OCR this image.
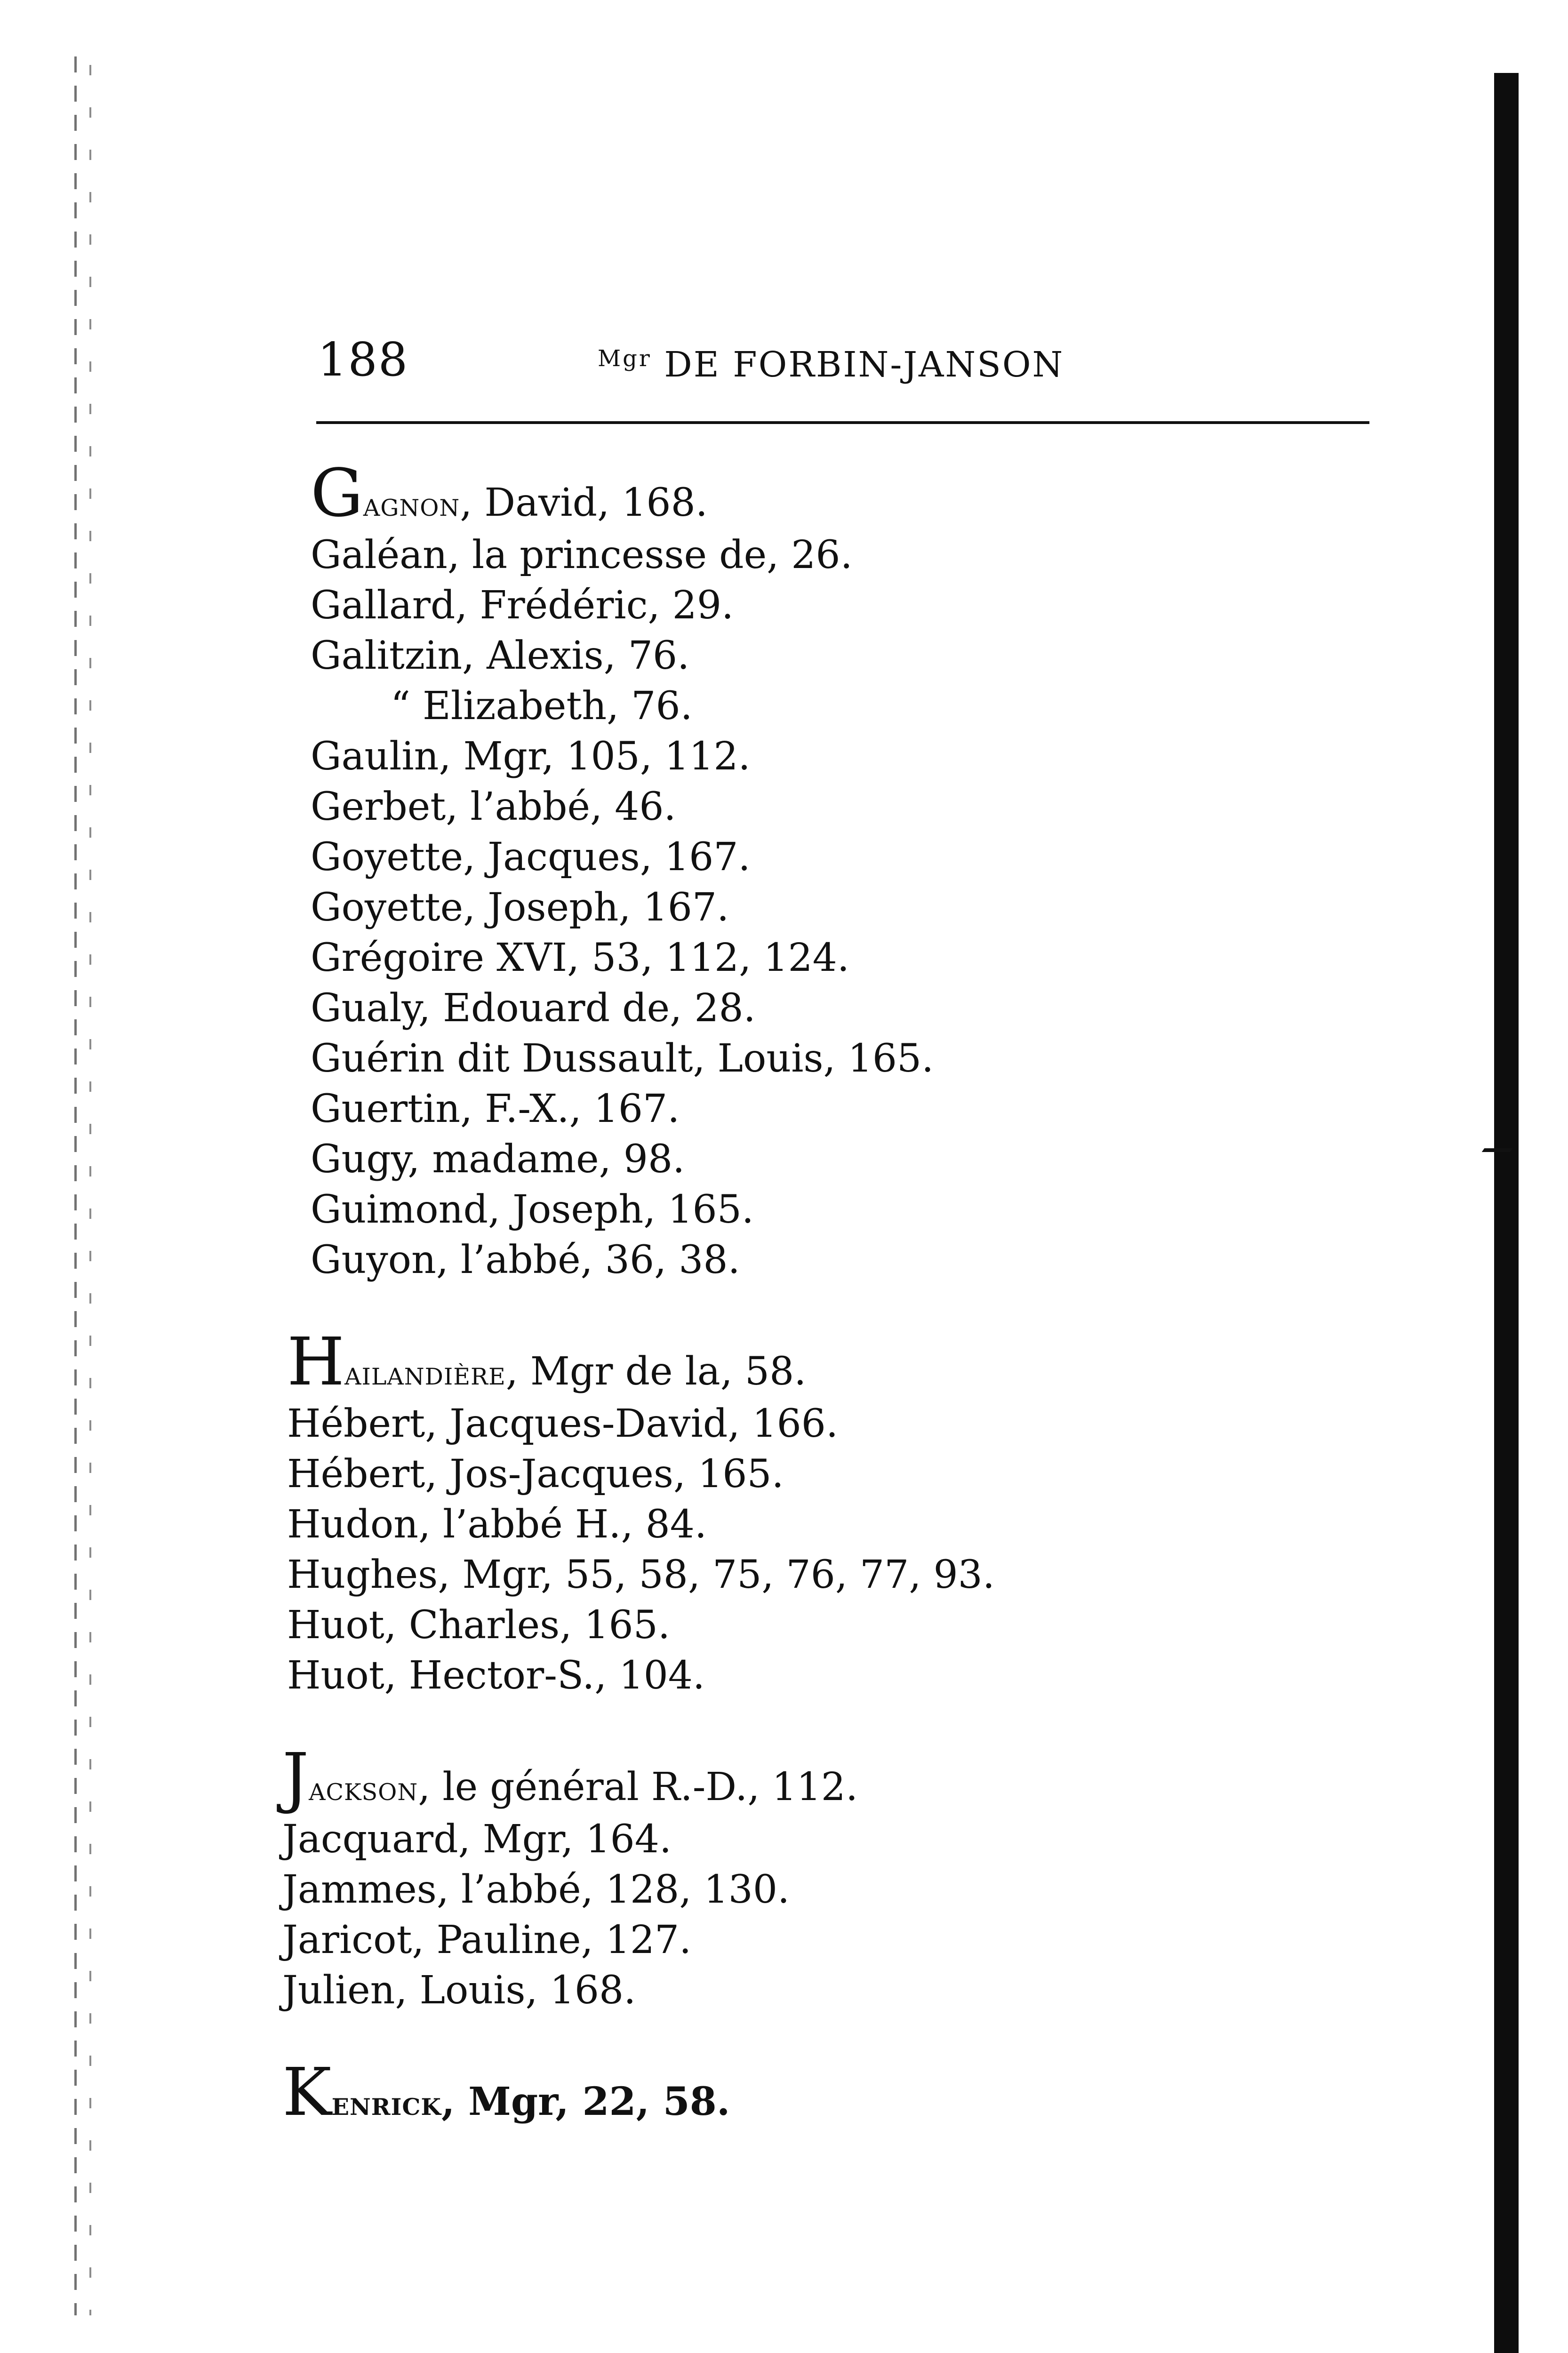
188	$^{Mgr}$ DE FORBIN-JANSON
Gagnon, David, 168.
Galéan, la princesse de, 26.
Gallard, Frédéric, 29.
Galitzin, Alexis, 76.
“ Elizabeth, 76.
Gaulin, Mgr, 105, 112.
Gerbet, l’abbé, 46.
Goyette, Jacques, 167.
Goyette, Joseph, 167.
Grégoire XVI, 53, 112, 124.
Gualy, Edouard de, 28.
Guérin dit Dussault, Louis, 165.
Guertin, F.-X., 167.
Gugy, madame, 98.
Guimond, Joseph, 165.
Guyon, l’abbé, 36, 38.
Hailandière, Mgr de la, 58.
Hébert, Jacques-David, 166.
Hébert, Jos-Jacques, 165.
Hudon, l’abbé H., 84.
Hughes, Mgr, 55, 58, 75, 76, 77, 93.
Huot, Charles, 165.
Huot, Hector-S., 104.
Jackson, le général R.-D., 112.
Jacquard, Mgr, 164.
Jammes, l’abbé, 128, 130.
Jaricot, Pauline, 127.
Julien, Louis, 168.
Kenrick, Mgr, 22, 58.
